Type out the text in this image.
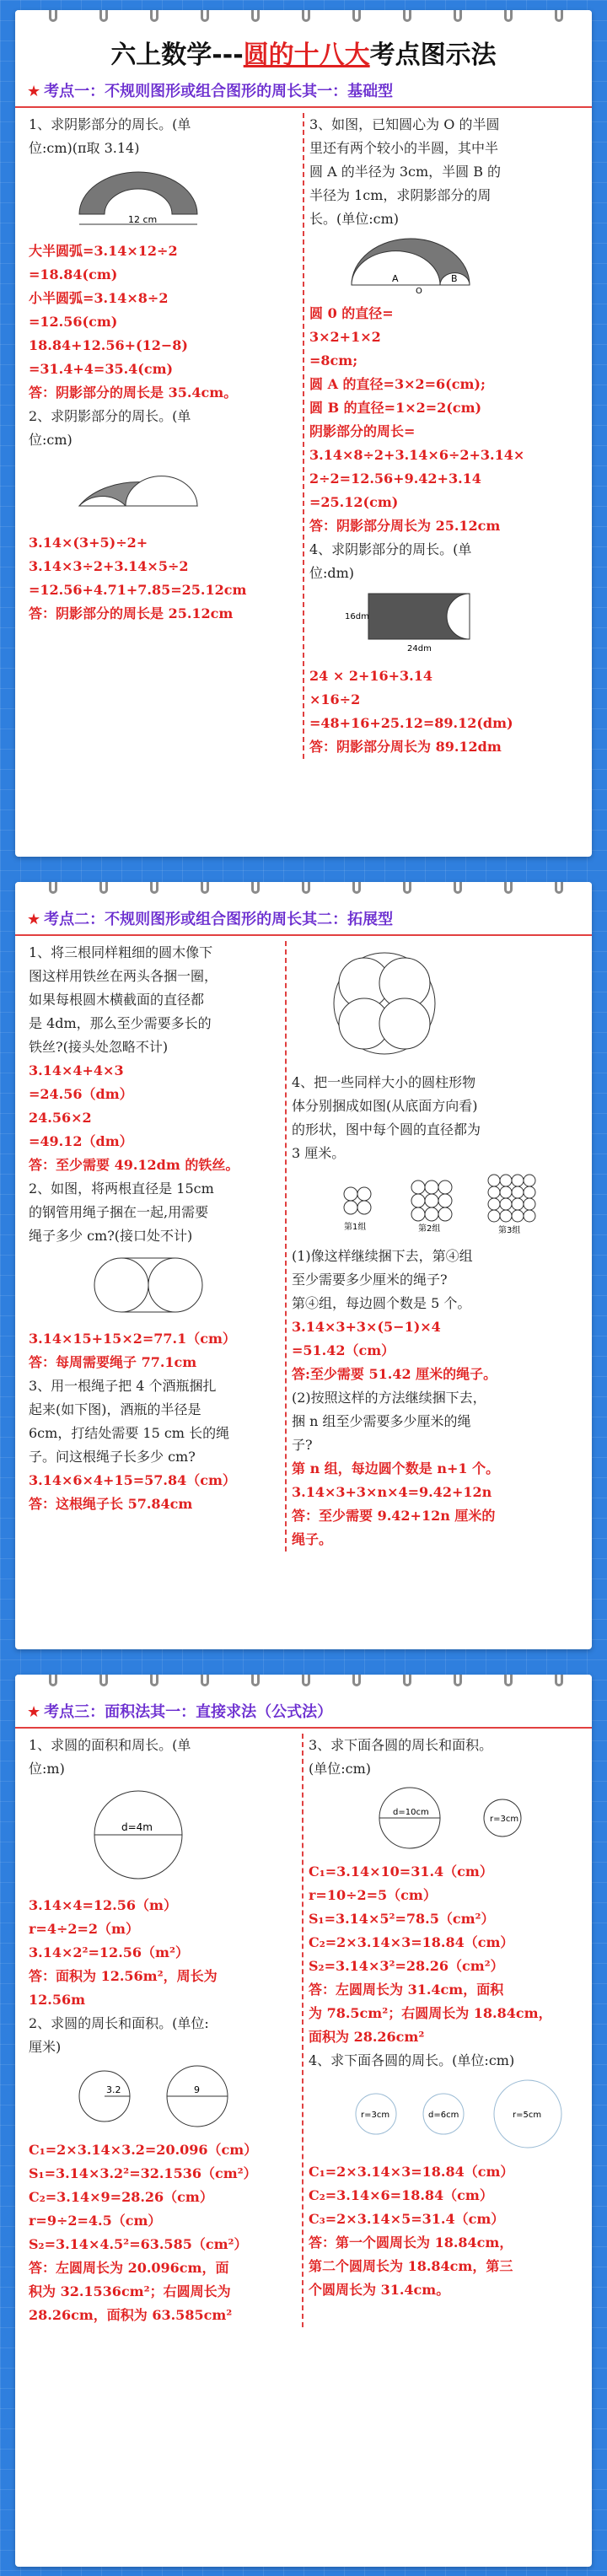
六上数学---圆的十八大考点图示法
★ 考点一：不规则图形或组合图形的周长其一：基础型

1、求阴影部分的周长。(单

位:cm)(π取 3.14)

12 cm

大半圆弧=3.14×12÷2

=18.84(cm)

小半圆弧=3.14×8÷2

=12.56(cm)

18.84+12.56+(12−8)

=31.4+4=35.4(cm)

答：阴影部分的周长是 35.4cm。

2、求阴影部分的周长。(单

位:cm)

3.14×(3+5)÷2+

3.14×3÷2+3.14×5÷2

=12.56+4.71+7.85=25.12cm

答：阴影部分的周长是 25.12cm

3、如图，已知圆心为 O 的半圆

里还有两个较小的半圆，其中半

圆 A 的半径为 3cm，半圆 B 的

半径为 1cm，求阴影部分的周

长。(单位:cm)

A	B
O

圆 0 的直径=

3×2+1×2

=8cm;

圆 A 的直径=3×2=6(cm);

圆 B 的直径=1×2=2(cm)

阴影部分的周长=

3.14×8÷2+3.14×6÷2+3.14×

2÷2=12.56+9.42+3.14

=25.12(cm)

答：阴影部分周长为 25.12cm

4、求阴影部分的周长。(单

位:dm)

16dm
24dm

24 × 2+16+3.14

×16÷2

=48+16+25.12=89.12(dm)

答：阴影部分周长为 89.12dm

★ 考点二：不规则图形或组合图形的周长其二：拓展型

1、将三根同样粗细的圆木像下

图这样用铁丝在两头各捆一圈，

如果每根圆木横截面的直径都

是 4dm，那么至少需要多长的

铁丝?(接头处忽略不计)

3.14×4+4×3

=24.56（dm）

24.56×2

=49.12（dm）

答：至少需要 49.12dm 的铁丝。

2、如图，将两根直径是 15cm

的钢管用绳子捆在一起,用需要

绳子多少 cm?(接口处不计)

3.14×15+15×2=77.1（cm）

答：每周需要绳子 77.1cm

3、用一根绳子把 4 个酒瓶捆扎

起来(如下图)，酒瓶的半径是

6cm，打结处需要 15 cm 长的绳

子。问这根绳子长多少 cm?

3.14×6×4+15=57.84（cm）

答：这根绳子长 57.84cm

4、把一些同样大小的圆柱形物

体分别捆成如图(从底面方向看)

的形状，图中每个圆的直径都为

3 厘米。

第1组	第2组	第3组

(1)像这样继续捆下去，第④组

至少需要多少厘米的绳子?

第④组，每边圆个数是 5 个。

3.14×3+3×(5−1)×4

=51.42（cm）

答:至少需要 51.42 厘米的绳子。

(2)按照这样的方法继续捆下去，

捆 n 组至少需要多少厘米的绳

子?

第 n 组，每边圆个数是 n+1 个。

3.14×3+3×n×4=9.42+12n

答：至少需要 9.42+12n 厘米的

绳子。

★ 考点三：面积法其一：直接求法（公式法）

1、求圆的面积和周长。(单

位:m)

d=4m

3.14×4=12.56（m）

r=4÷2=2（m）

3.14×2²=12.56（m²）

答：面积为 12.56m²，周长为

12.56m

2、求圆的周长和面积。(单位:

厘米)

3.2	9

C₁=2×3.14×3.2=20.096（cm）

S₁=3.14×3.2²=32.1536（cm²）

C₂=3.14×9=28.26（cm）

r=9÷2=4.5（cm）

S₂=3.14×4.5²=63.585（cm²）

答：左圆周长为 20.096cm，面

积为 32.1536cm²；右圆周长为

28.26cm，面积为 63.585cm²

3、求下面各圆的周长和面积。

(单位:cm)

d=10cm
r=3cm

C₁=3.14×10=31.4（cm）

r=10÷2=5（cm）

S₁=3.14×5²=78.5（cm²）

C₂=2×3.14×3=18.84（cm）

S₂=3.14×3²=28.26（cm²）

答：左圆周长为 31.4cm，面积

为 78.5cm²；右圆周长为 18.84cm，

面积为 28.26cm²

4、求下面各圆的周长。(单位:cm)

r=3cm	d=6cm	r=5cm

C₁=2×3.14×3=18.84（cm）

C₂=3.14×6=18.84（cm）

C₃=2×3.14×5=31.4（cm）

答：第一个圆周长为 18.84cm，

第二个圆周长为 18.84cm，第三

个圆周长为 31.4cm。
